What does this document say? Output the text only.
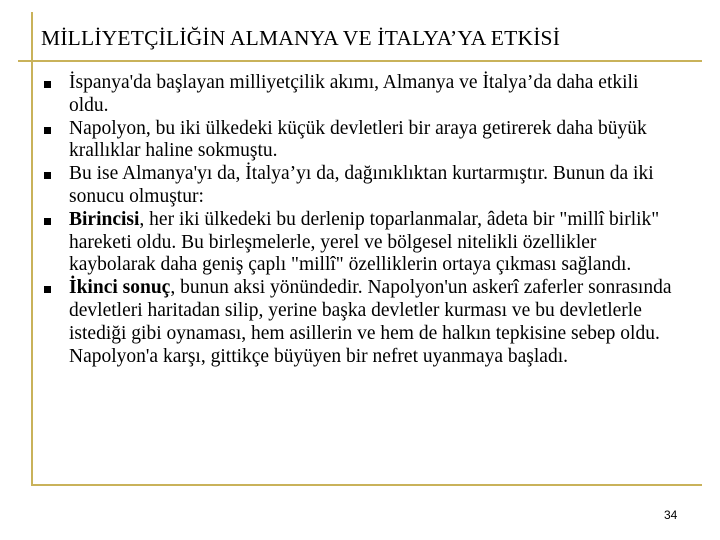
MİLLİYETÇİLİĞİN ALMANYA VE İTALYA’YA ETKİSİ
İspanya'da başlayan milliyetçilik akımı, Almanya ve İtalya’da daha etkili oldu.
Napolyon, bu iki ülkedeki küçük devletleri bir araya getirerek daha büyük krallıklar haline sokmuştu.
Bu ise Almanya'yı da, İtalya’yı da, dağınıklıktan kurtarmıştır. Bunun da iki sonucu olmuştur:
Birincisi, her iki ülkedeki bu derlenip toparlanmalar, âdeta bir "millî birlik" hareketi oldu. Bu birleşmelerle, yerel ve bölgesel nitelikli özellikler kaybolarak daha geniş çaplı "millî" özelliklerin ortaya çıkması sağlandı.
İkinci sonuç, bunun aksi yönündedir. Napolyon'un askerî zaferler sonrasında devletleri haritadan silip, yerine başka devletler kurması ve bu devletlerle istediği gibi oynaması, hem asillerin ve hem de halkın tepkisine sebep oldu. Napolyon'a karşı, gittikçe büyüyen bir nefret uyanmaya başladı.
34
